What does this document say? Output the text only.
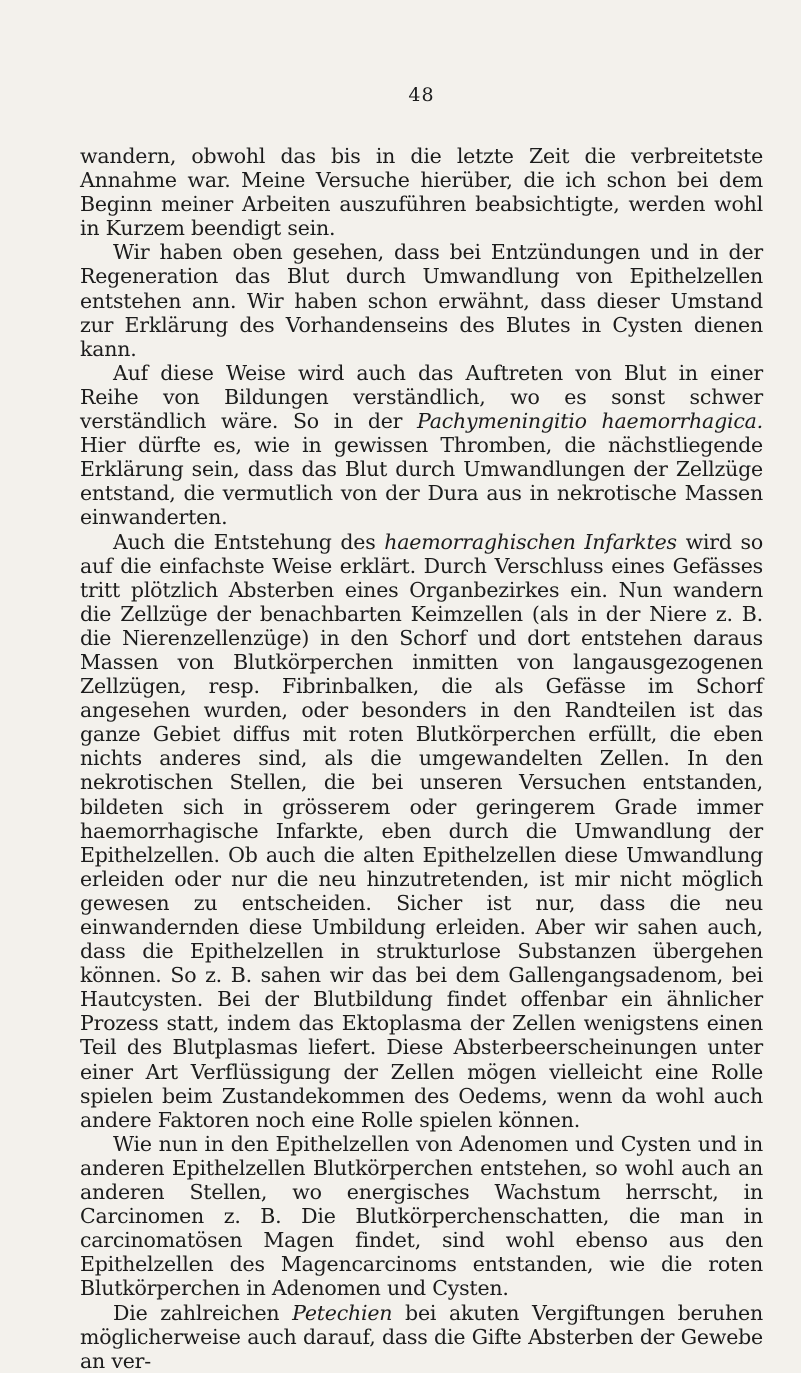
48

wandern, obwohl das bis in die letzte Zeit die verbreitetste Annahme war. Meine Versuche hierüber, die ich schon bei dem Beginn meiner Arbeiten auszuführen beabsichtigte, werden wohl in Kurzem beendigt sein.

Wir haben oben gesehen, dass bei Entzündungen und in der Regeneration das Blut durch Umwandlung von Epithelzellen entstehen ann. Wir haben schon erwähnt, dass dieser Umstand zur Erklärung des Vorhandenseins des Blutes in Cysten dienen kann.

Auf diese Weise wird auch das Auftreten von Blut in einer Reihe von Bildungen verständlich, wo es sonst schwer verständlich wäre. So in der Pachymeningitio haemorrhagica. Hier dürfte es, wie in gewissen Thromben, die nächstliegende Erklärung sein, dass das Blut durch Umwandlungen der Zellzüge entstand, die vermutlich von der Dura aus in nekrotische Massen einwanderten.

Auch die Entstehung des haemorraghischen Infarktes wird so auf die einfachste Weise erklärt. Durch Verschluss eines Gefässes tritt plötzlich Absterben eines Organbezirkes ein. Nun wandern die Zellzüge der benachbarten Keimzellen (als in der Niere z. B. die Nierenzellenzüge) in den Schorf und dort entstehen daraus Massen von Blutkörperchen inmitten von langausgezogenen Zellzügen, resp. Fibrinbalken, die als Gefässe im Schorf angesehen wurden, oder besonders in den Randteilen ist das ganze Gebiet diffus mit roten Blutkörperchen erfüllt, die eben nichts anderes sind, als die umgewandelten Zellen. In den nekrotischen Stellen, die bei unseren Versuchen entstanden, bildeten sich in grösserem oder geringerem Grade immer haemorrhagische Infarkte, eben durch die Umwandlung der Epithelzellen. Ob auch die alten Epithelzellen diese Umwandlung erleiden oder nur die neu hinzutretenden, ist mir nicht möglich gewesen zu entscheiden. Sicher ist nur, dass die neu einwandernden diese Umbildung erleiden. Aber wir sahen auch, dass die Epithelzellen in strukturlose Substanzen übergehen können. So z. B. sahen wir das bei dem Gallengangsadenom, bei Hautcysten. Bei der Blutbildung findet offenbar ein ähnlicher Prozess statt, indem das Ektoplasma der Zellen wenigstens einen Teil des Blutplasmas liefert. Diese Absterbeerscheinungen unter einer Art Verflüssigung der Zellen mögen vielleicht eine Rolle spielen beim Zustandekommen des Oedems, wenn da wohl auch andere Faktoren noch eine Rolle spielen können.

Wie nun in den Epithelzellen von Adenomen und Cysten und in anderen Epithelzellen Blutkörperchen entstehen, so wohl auch an anderen Stellen, wo energisches Wachstum herrscht, in Carcinomen z. B. Die Blutkörperchenschatten, die man in carcinomatösen Magen findet, sind wohl ebenso aus den Epithelzellen des Magencarcinoms entstanden, wie die roten Blutkörperchen in Adenomen und Cysten.

Die zahlreichen Petechien bei akuten Vergiftungen beruhen möglicherweise auch darauf, dass die Gifte Absterben der Gewebe an ver-
